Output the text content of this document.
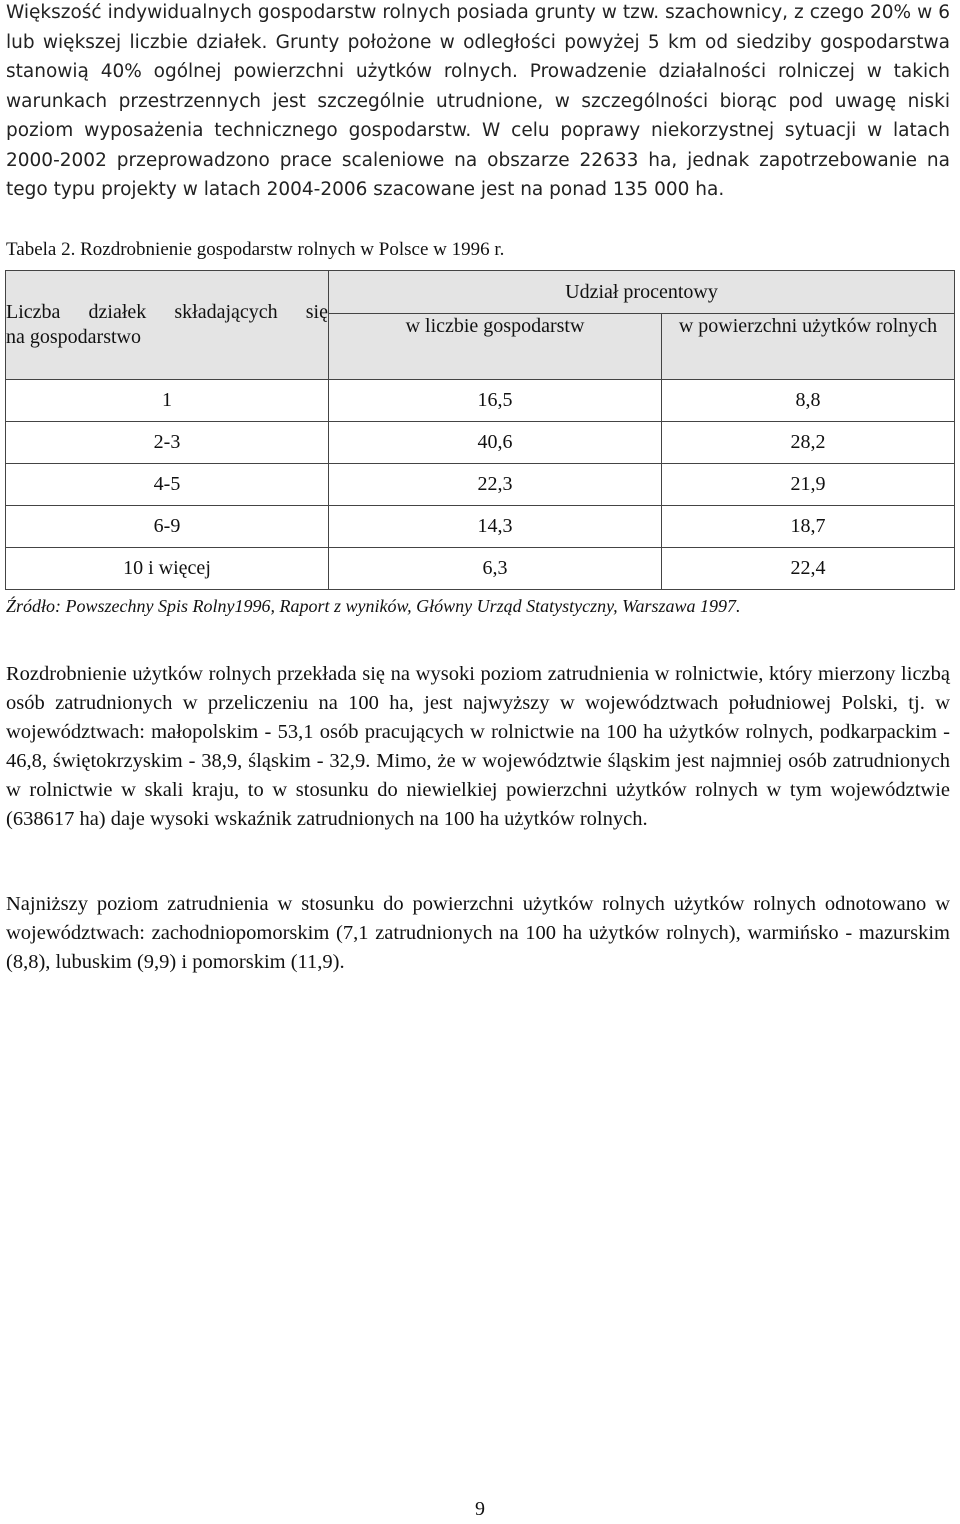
Większość indywidualnych gospodarstw rolnych posiada grunty w tzw. szachownicy, z czego 20% w 6 lub większej liczbie działek. Grunty położone w odległości powyżej 5 km od siedziby gospodarstwa stanowią 40% ogólnej powierzchni użytków rolnych. Prowadzenie działalności rolniczej w takich warunkach przestrzennych jest szczególnie utrudnione, w szczególności biorąc pod uwagę niski poziom wyposażenia technicznego gospodarstw. W celu poprawy niekorzystnej sytuacji w latach 2000-2002 przeprowadzono prace scaleniowe na obszarze 22633 ha, jednak zapotrzebowanie na tego typu projekty w latach 2004-2006 szacowane jest na ponad 135 000 ha.

Tabela 2. Rozdrobnienie gospodarstw rolnych w Polsce w 1996 r.

Liczba działek składających się
na gospodarstwo	Udział procentowy	
	w liczbie gospodarstw	w powierzchni użytków rolnych
1	16,5	8,8
2-3	40,6	28,2
4-5	22,3	21,9
6-9	14,3	18,7
10 i więcej	6,3	22,4

Źródło: Powszechny Spis Rolny1996, Raport z wyników, Główny Urząd Statystyczny, Warszawa 1997.

Rozdrobnienie użytków rolnych przekłada się na wysoki poziom zatrudnienia w rolnictwie, który mierzony liczbą osób zatrudnionych w przeliczeniu na 100 ha, jest najwyższy w województwach południowej Polski, tj. w województwach: małopolskim - 53,1 osób pracujących w rolnictwie na 100 ha użytków rolnych, podkarpackim - 46,8, świętokrzyskim - 38,9, śląskim - 32,9. Mimo, że w województwie śląskim jest najmniej osób zatrudnionych w rolnictwie w skali kraju, to w stosunku do niewielkiej powierzchni użytków rolnych w tym województwie (638617 ha) daje wysoki wskaźnik zatrudnionych na 100 ha użytków rolnych.

Najniższy poziom zatrudnienia w stosunku do powierzchni użytków rolnych użytków rolnych odnotowano w województwach: zachodniopomorskim (7,1 zatrudnionych na 100 ha użytków rolnych), warmińsko - mazurskim (8,8), lubuskim (9,9) i pomorskim (11,9).

9
